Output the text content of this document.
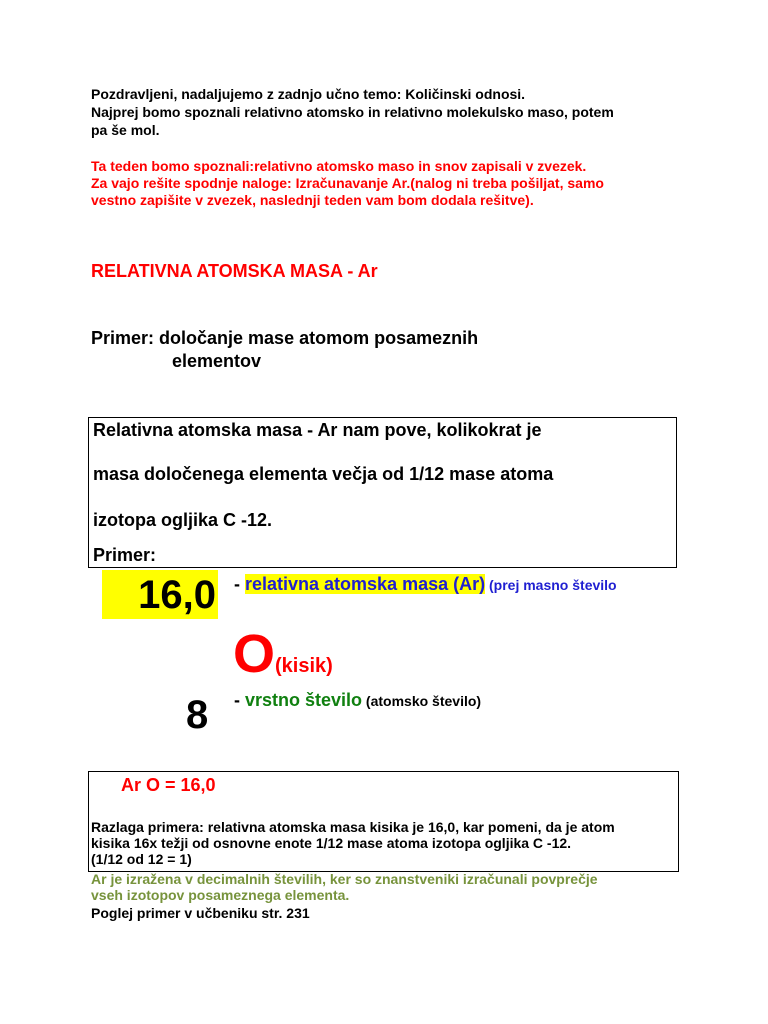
Pozdravljeni, nadaljujemo z zadnjo učno temo: Količinski odnosi.
Najprej bomo spoznali relativno atomsko in relativno molekulsko maso, potem
pa še mol.
Ta teden bomo spoznali:relativno atomsko maso in snov zapisali v zvezek.
Za vajo rešite spodnje naloge: Izračunavanje Ar.(nalog ni treba pošiljat, samo
vestno zapišite v zvezek, naslednji teden vam bom dodala rešitve).
RELATIVNA ATOMSKA MASA - Ar
Primer: določanje mase atomom posameznih
elementov
Relativna atomska masa - Ar nam pove, kolikokrat je
masa določenega elementa večja od 1/12 mase atoma
izotopa ogljika C -12.
Primer:
16,0 - relativna atomska masa (Ar) (prej masno število
O(kisik)
8 - vrstno število (atomsko število)
Ar O = 16,0
Razlaga primera: relativna atomska masa kisika je 16,0, kar pomeni, da je atom
kisika 16x težji od osnovne enote 1/12 mase atoma izotopa ogljika C -12.
(1/12 od 12 = 1)
Ar je izražena v decimalnih številih, ker so znanstveniki izračunali povprečje
vseh izotopov posameznega elementa.
Poglej primer v učbeniku str. 231
